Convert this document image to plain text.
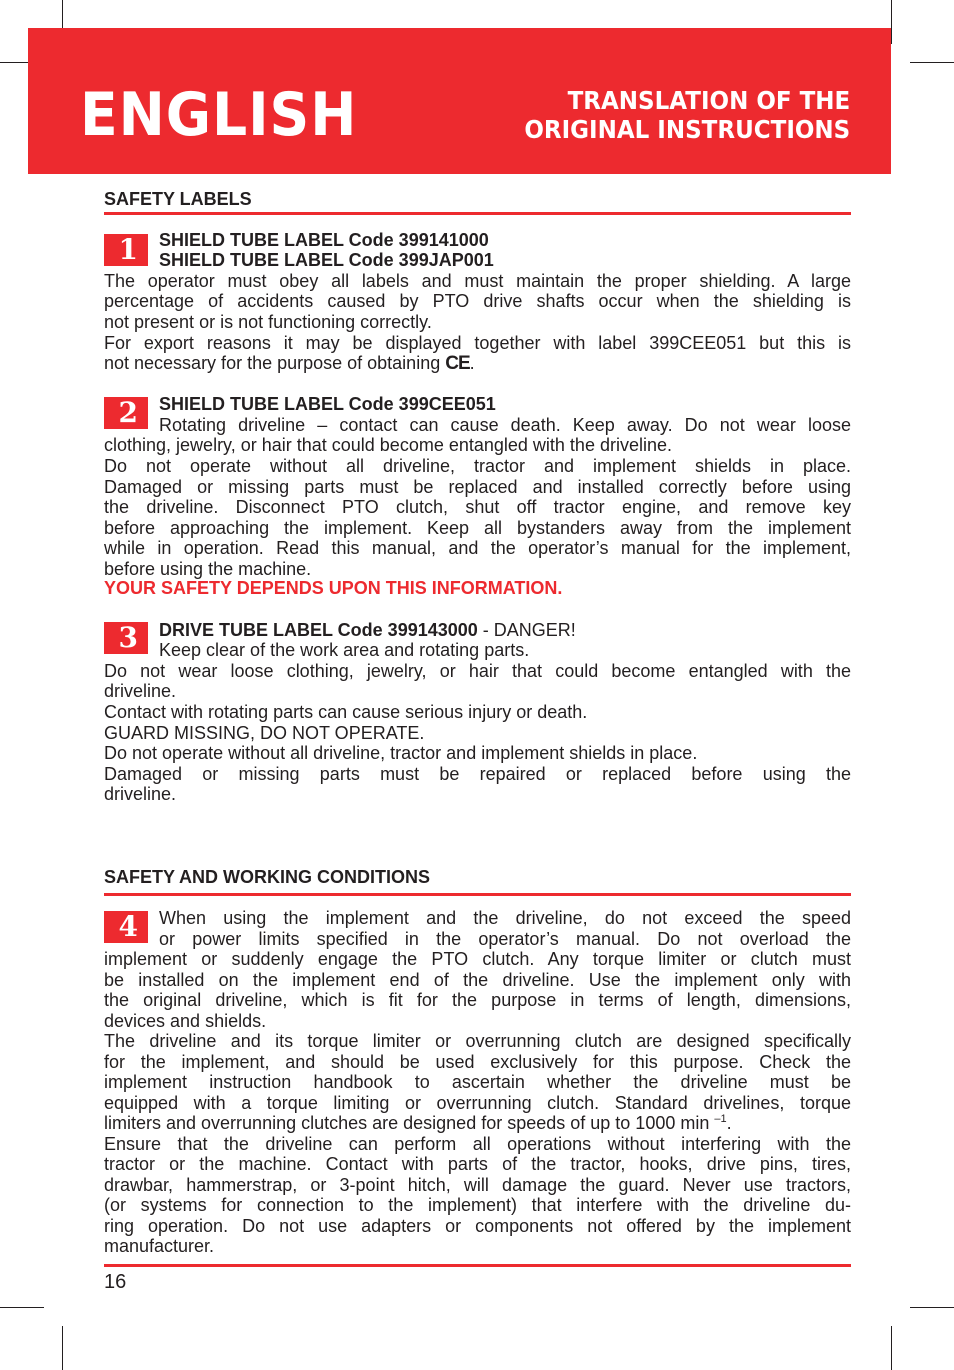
ENGLISH	TRANSLATION OF THE
ORIGINAL INSTRUCTIONS
SAFETY LABELS
1	SHIELD TUBE LABEL Code 399141000
SHIELD TUBE LABEL Code 399JAP001
The operator must obey all labels and must maintain the proper shielding. A large
percentage of accidents caused by PTO drive shafts occur when the shielding is
not present or is not functioning correctly.
For export reasons it may be displayed together with label 399CEE051 but this is
not necessary for the purpose of obtaining CE.
2	SHIELD TUBE LABEL Code 399CEE051
Rotating driveline – contact can cause death. Keep away. Do not wear loose
clothing, jewelry, or hair that could become entangled with the driveline.
Do not operate without all driveline, tractor and implement shields in place.
Damaged or missing parts must be replaced and installed correctly before using
the driveline. Disconnect PTO clutch, shut off tractor engine, and remove key
before approaching the implement. Keep all bystanders away from the implement
while in operation. Read this manual, and the operator’s manual for the implement,
before using the machine.
YOUR SAFETY DEPENDS UPON THIS INFORMATION.
3	DRIVE TUBE LABEL Code 399143000 - DANGER!
Keep clear of the work area and rotating parts.
Do not wear loose clothing, jewelry, or hair that could become entangled with the
driveline.
Contact with rotating parts can cause serious injury or death.
GUARD MISSING, DO NOT OPERATE.
Do not operate without all driveline, tractor and implement shields in place.
Damaged or missing parts must be repaired or replaced before using the
driveline.
SAFETY AND WORKING CONDITIONS
4	When using the implement and the driveline, do not exceed the speed
or power limits specified in the operator’s manual. Do not overload the
implement or suddenly engage the PTO clutch. Any torque limiter or clutch must
be installed on the implement end of the driveline. Use the implement only with
the original driveline, which is fit for the purpose in terms of length, dimensions,
devices and shields.
The driveline and its torque limiter or overrunning clutch are designed specifically
for the implement, and should be used exclusively for this purpose. Check the
implement instruction handbook to ascertain whether the driveline must be
equipped with a torque limiting or overrunning clutch. Standard drivelines, torque
limiters and overrunning clutches are designed for speeds of up to 1000 min $^{-1}$.
Ensure that the driveline can perform all operations without interfering with the
tractor or the machine. Contact with parts of the tractor, hooks, drive pins, tires,
drawbar, hammerstrap, or 3-point hitch, will damage the guard. Never use tractors,
(or systems for connection to the implement) that interfere with the driveline du-
ring operation. Do not use adapters or components not offered by the implement
manufacturer.
16
